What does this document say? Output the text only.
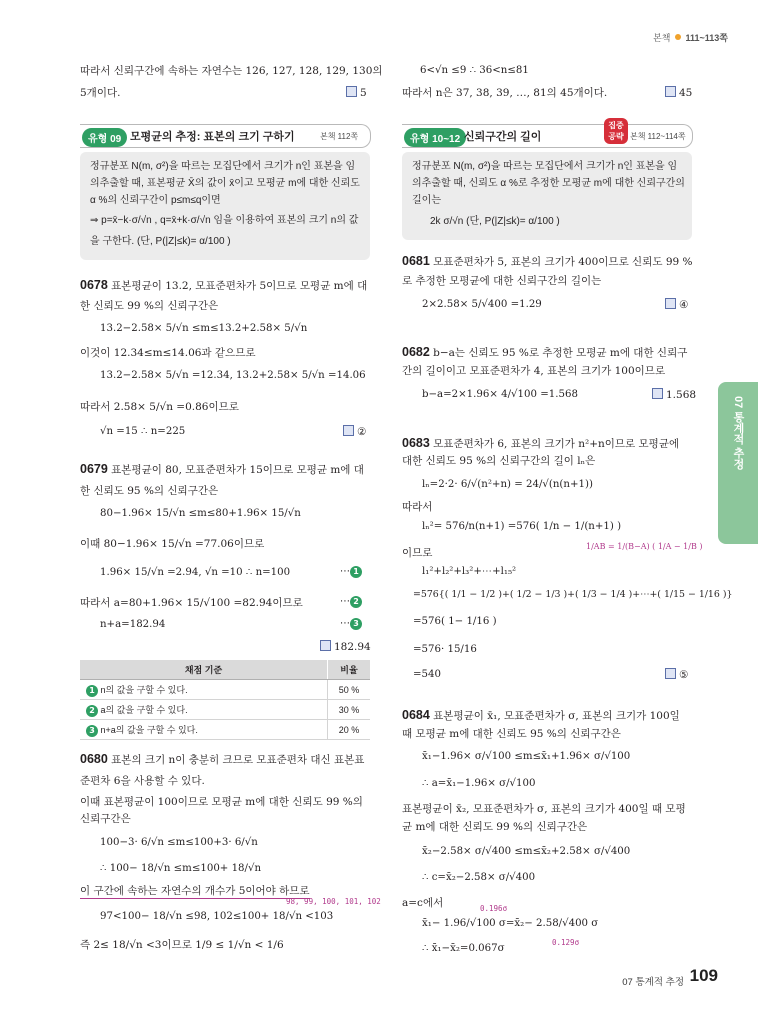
본책 111~113쪽
07 통계적 추정
따라서 신뢰구간에 속하는 자연수는 126, 127, 128, 129, 130의
5개이다.	5
유형 09 모평균의 추정: 표본의 크기 구하기	본책 112쪽
정규분포 N(m, σ²)을 따르는 모집단에서 크기가 n인 표본을 임
의추출할 때, 표본평균 X̄의 값이 x̄이고 모평균 m에 대한 신뢰도
α %의 신뢰구간이 p≤m≤q이면
⇒ p=x̄−k·σ/√n , q=x̄+k·σ/√n 임을 이용하여 표본의 크기 n의 값
을 구한다. (단, P(|Z|≤k)= α/100 )
0678 표본평균이 13.2, 모표준편차가 5이므로 모평균 m에 대
한 신뢰도 99 %의 신뢰구간은
13.2−2.58× 5/√n ≤m≤13.2+2.58× 5/√n
이것이 12.34≤m≤14.06과 같으므로
13.2−2.58× 5/√n =12.34, 13.2+2.58× 5/√n =14.06
따라서 2.58× 5/√n =0.86이므로
√n =15 ∴ n=225	②
0679 표본평균이 80, 모표준편차가 15이므로 모평균 m에 대
한 신뢰도 95 %의 신뢰구간은
80−1.96× 15/√n ≤m≤80+1.96× 15/√n
이때 80−1.96× 15/√n =77.06이므로
1.96× 15/√n =2.94, √n =10 ∴ n=100	⋯ 1
따라서 a=80+1.96× 15/√100 =82.94이므로	⋯ 2
n+a=182.94	⋯ 3
182.94
채점 기준	비율
1 n의 값을 구할 수 있다.	50 %
2 a의 값을 구할 수 있다.	30 %
3 n+a의 값을 구할 수 있다.	20 %
0680 표본의 크기 n이 충분히 크므로 모표준편차 대신 표본표
준편차 6을 사용할 수 있다.
이때 표본평균이 100이므로 모평균 m에 대한 신뢰도 99 %의
신뢰구간은
100−3· 6/√n ≤m≤100+3· 6/√n
∴ 100− 18/√n ≤m≤100+ 18/√n
이 구간에 속하는 자연수의 개수가 5이어야 하므로
98, 99, 100, 101, 102
97<100− 18/√n ≤98, 102≤100+ 18/√n <103
즉 2≤ 18/√n <3이므로 1/9 ≤ 1/√n < 1/6
6<√n ≤9 ∴ 36<n≤81
따라서 n은 37, 38, 39, …, 81의 45개이다.	45
유형 10~12 신뢰구간의 길이
집중 공략 본책 112~114쪽
정규분포 N(m, σ²)을 따르는 모집단에서 크기가 n인 표본을 임
의추출할 때, 신뢰도 α %로 추정한 모평균 m에 대한 신뢰구간의
길이는
2k σ/√n (단, P(|Z|≤k)= α/100 )
0681 모표준편차가 5, 표본의 크기가 400이므로 신뢰도 99 %
로 추정한 모평균에 대한 신뢰구간의 길이는
2×2.58× 5/√400 =1.29	④
0682 b−a는 신뢰도 95 %로 추정한 모평균 m에 대한 신뢰구
간의 길이이고 모표준편차가 4, 표본의 크기가 100이므로
b−a=2×1.96× 4/√100 =1.568	1.568
0683 모표준편차가 6, 표본의 크기가 n²+n이므로 모평균에
대한 신뢰도 95 %의 신뢰구간의 길이 lₙ은
lₙ=2·2· 6/√(n²+n) = 24/√(n(n+1))
따라서
lₙ²= 576/n(n+1) =576( 1/n − 1/(n+1) )
1/AB = 1/(B−A) ( 1/A − 1/B )
이므로
l₁²+l₂²+l₃²+⋯+l₁₅²
=576{( 1/1 − 1/2 )+( 1/2 − 1/3 )+( 1/3 − 1/4 )+⋯+( 1/15 − 1/16 )}
=576( 1− 1/16 )
=576· 15/16
=540	⑤
0684 표본평균이 x̄₁, 모표준편차가 σ, 표본의 크기가 100일
때 모평균 m에 대한 신뢰도 95 %의 신뢰구간은
x̄₁−1.96× σ/√100 ≤m≤x̄₁+1.96× σ/√100
∴ a=x̄₁−1.96× σ/√100
표본평균이 x̄₂, 모표준편차가 σ, 표본의 크기가 400일 때 모평
균 m에 대한 신뢰도 99 %의 신뢰구간은
x̄₂−2.58× σ/√400 ≤m≤x̄₂+2.58× σ/√400
∴ c=x̄₂−2.58× σ/√400
a=c에서	0.196σ
x̄₁− 1.96/√100 σ=x̄₂− 2.58/√400 σ
0.129σ
∴ x̄₁−x̄₂=0.067σ
07 통계적 추정 109
